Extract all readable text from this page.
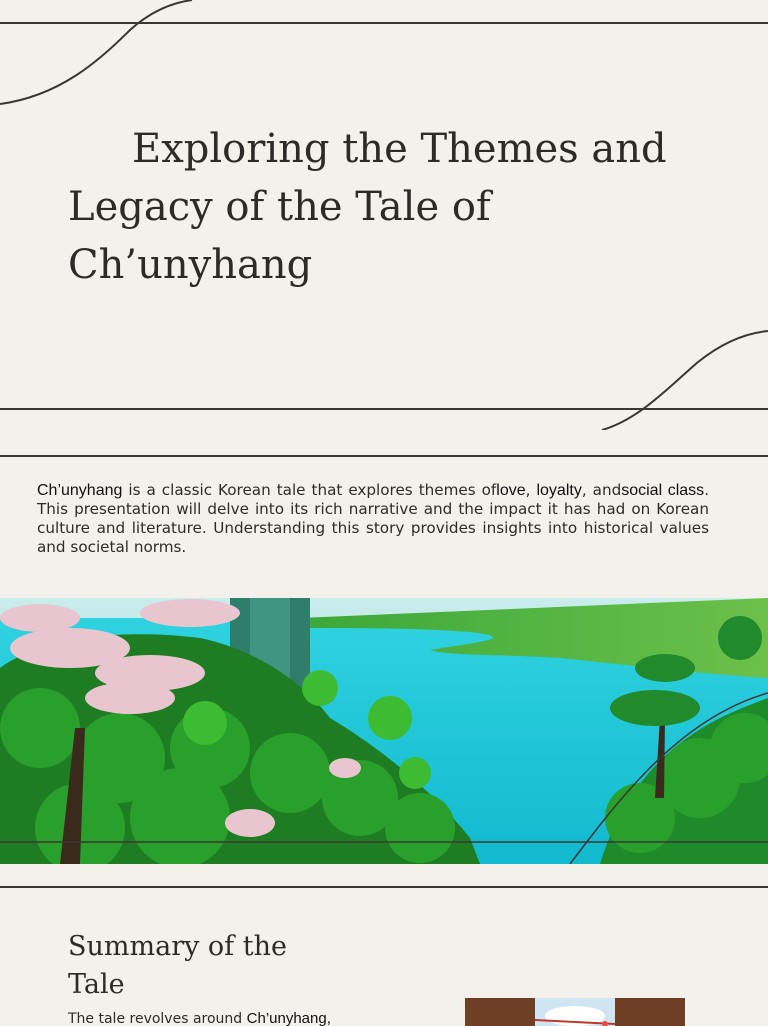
Exploring the Themes and
Legacy of the Tale of
Ch’unyhang

Ch’unyhang is a classic Korean tale that explores themes oflove, loyalty, andsocial class. This presentation will delve into its rich narrative and the impact it has had on Korean culture and literature. Understanding this story provides insights into historical values and societal norms.

Summary of the Tale

The tale revolves around Ch’unyhang,
